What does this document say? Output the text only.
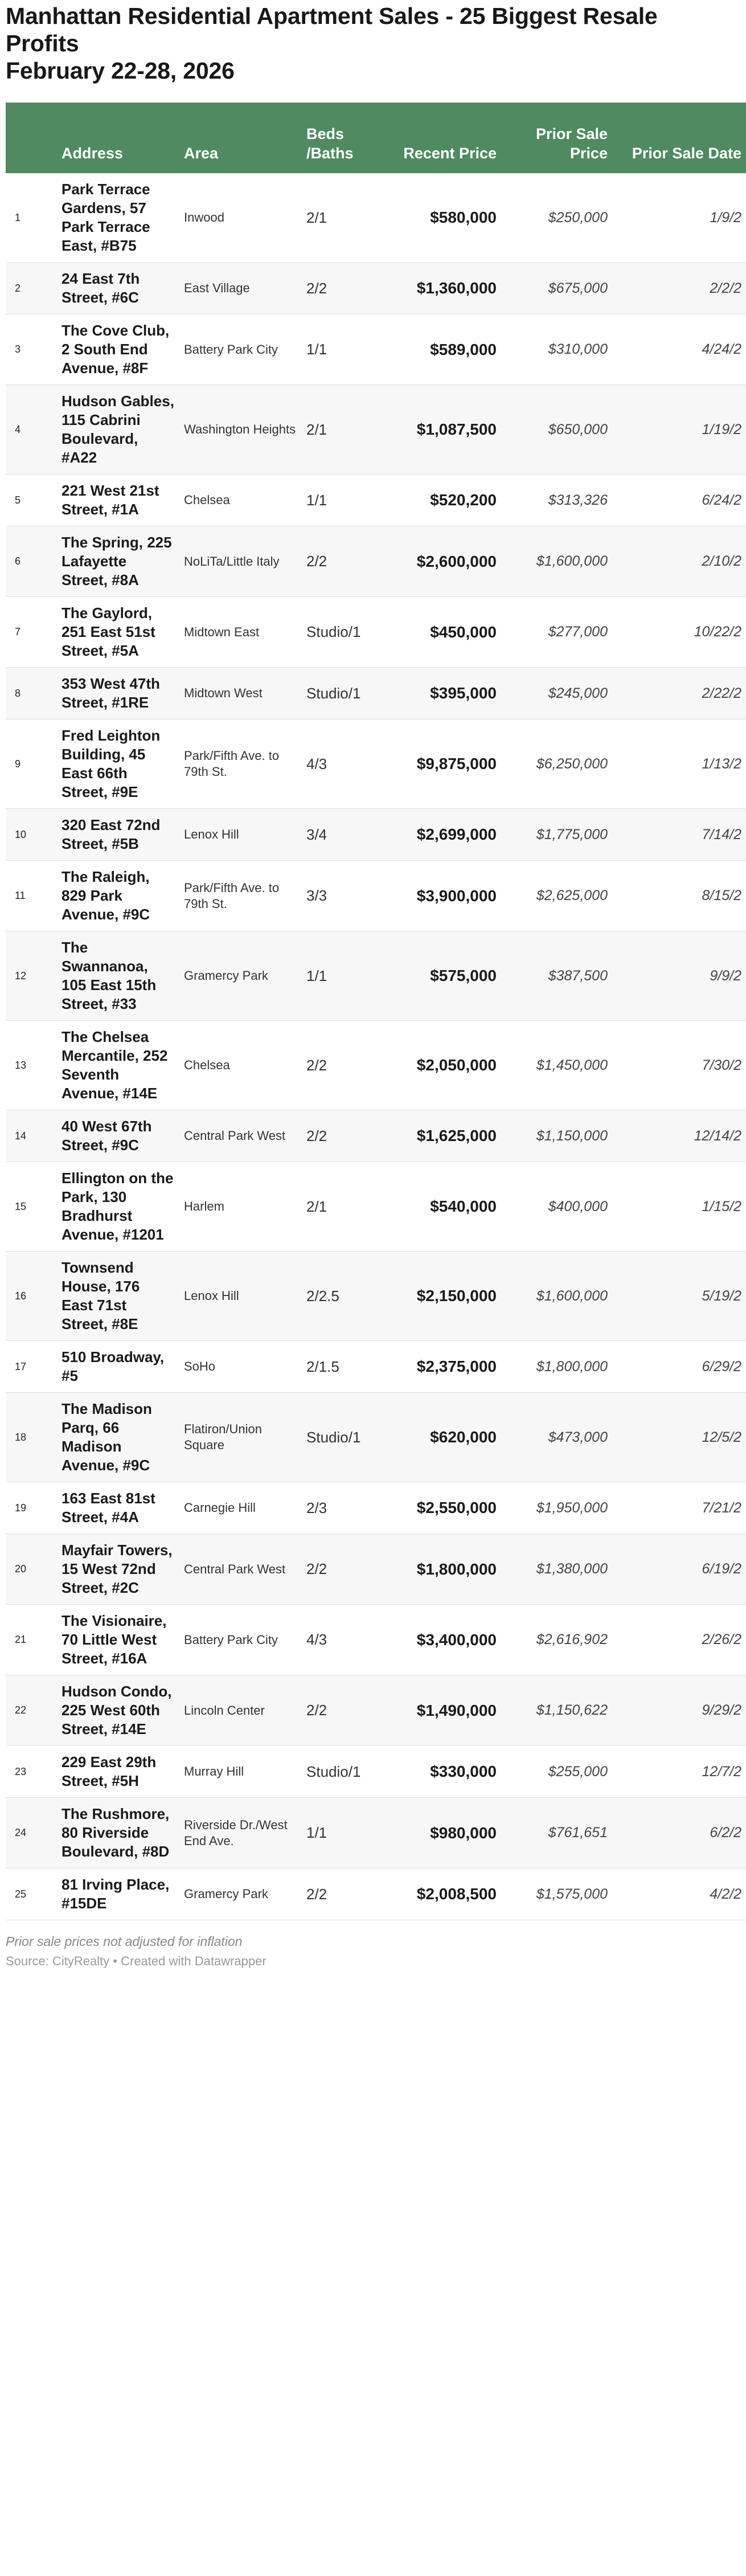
Manhattan Residential Apartment Sales - 25 Biggest Resale
Profits
February 22-28, 2026
	Address	Area	Beds /Baths	Recent Price	Prior Sale Price	Prior Sale Date
1	Park Terrace Gardens, 57 Park Terrace East, #B75	Inwood	2/1	$580,000	$250,000	1/9/2
2	24 East 7th Street, #6C	East Village	2/2	$1,360,000	$675,000	2/2/2
3	The Cove Club, 2 South End Avenue, #8F	Battery Park City	1/1	$589,000	$310,000	4/24/2
4	Hudson Gables, 115 Cabrini Boulevard, #A22	Washington Heights	2/1	$1,087,500	$650,000	1/19/2
5	221 West 21st Street, #1A	Chelsea	1/1	$520,200	$313,326	6/24/2
6	The Spring, 225 Lafayette Street, #8A	NoLiTa/Little Italy	2/2	$2,600,000	$1,600,000	2/10/2
7	The Gaylord, 251 East 51st Street, #5A	Midtown East	Studio/1	$450,000	$277,000	10/22/2
8	353 West 47th Street, #1RE	Midtown West	Studio/1	$395,000	$245,000	2/22/2
9	Fred Leighton Building, 45 East 66th Street, #9E	Park/Fifth Ave. to 79th St.	4/3	$9,875,000	$6,250,000	1/13/2
10	320 East 72nd Street, #5B	Lenox Hill	3/4	$2,699,000	$1,775,000	7/14/2
11	The Raleigh, 829 Park Avenue, #9C	Park/Fifth Ave. to 79th St.	3/3	$3,900,000	$2,625,000	8/15/2
12	The Swannanoa, 105 East 15th Street, #33	Gramercy Park	1/1	$575,000	$387,500	9/9/2
13	The Chelsea Mercantile, 252 Seventh Avenue, #14E	Chelsea	2/2	$2,050,000	$1,450,000	7/30/2
14	40 West 67th Street, #9C	Central Park West	2/2	$1,625,000	$1,150,000	12/14/2
15	Ellington on the Park, 130 Bradhurst Avenue, #1201	Harlem	2/1	$540,000	$400,000	1/15/2
16	Townsend House, 176 East 71st Street, #8E	Lenox Hill	2/2.5	$2,150,000	$1,600,000	5/19/2
17	510 Broadway, #5	SoHo	2/1.5	$2,375,000	$1,800,000	6/29/2
18	The Madison Parq, 66 Madison Avenue, #9C	Flatiron/Union Square	Studio/1	$620,000	$473,000	12/5/2
19	163 East 81st Street, #4A	Carnegie Hill	2/3	$2,550,000	$1,950,000	7/21/2
20	Mayfair Towers, 15 West 72nd Street, #2C	Central Park West	2/2	$1,800,000	$1,380,000	6/19/2
21	The Visionaire, 70 Little West Street, #16A	Battery Park City	4/3	$3,400,000	$2,616,902	2/26/2
22	Hudson Condo, 225 West 60th Street, #14E	Lincoln Center	2/2	$1,490,000	$1,150,622	9/29/2
23	229 East 29th Street, #5H	Murray Hill	Studio/1	$330,000	$255,000	12/7/2
24	The Rushmore, 80 Riverside Boulevard, #8D	Riverside Dr./West End Ave.	1/1	$980,000	$761,651	6/2/2
25	81 Irving Place, #15DE	Gramercy Park	2/2	$2,008,500	$1,575,000	4/2/2
Prior sale prices not adjusted for inflation
Source: CityRealty • Created with Datawrapper
